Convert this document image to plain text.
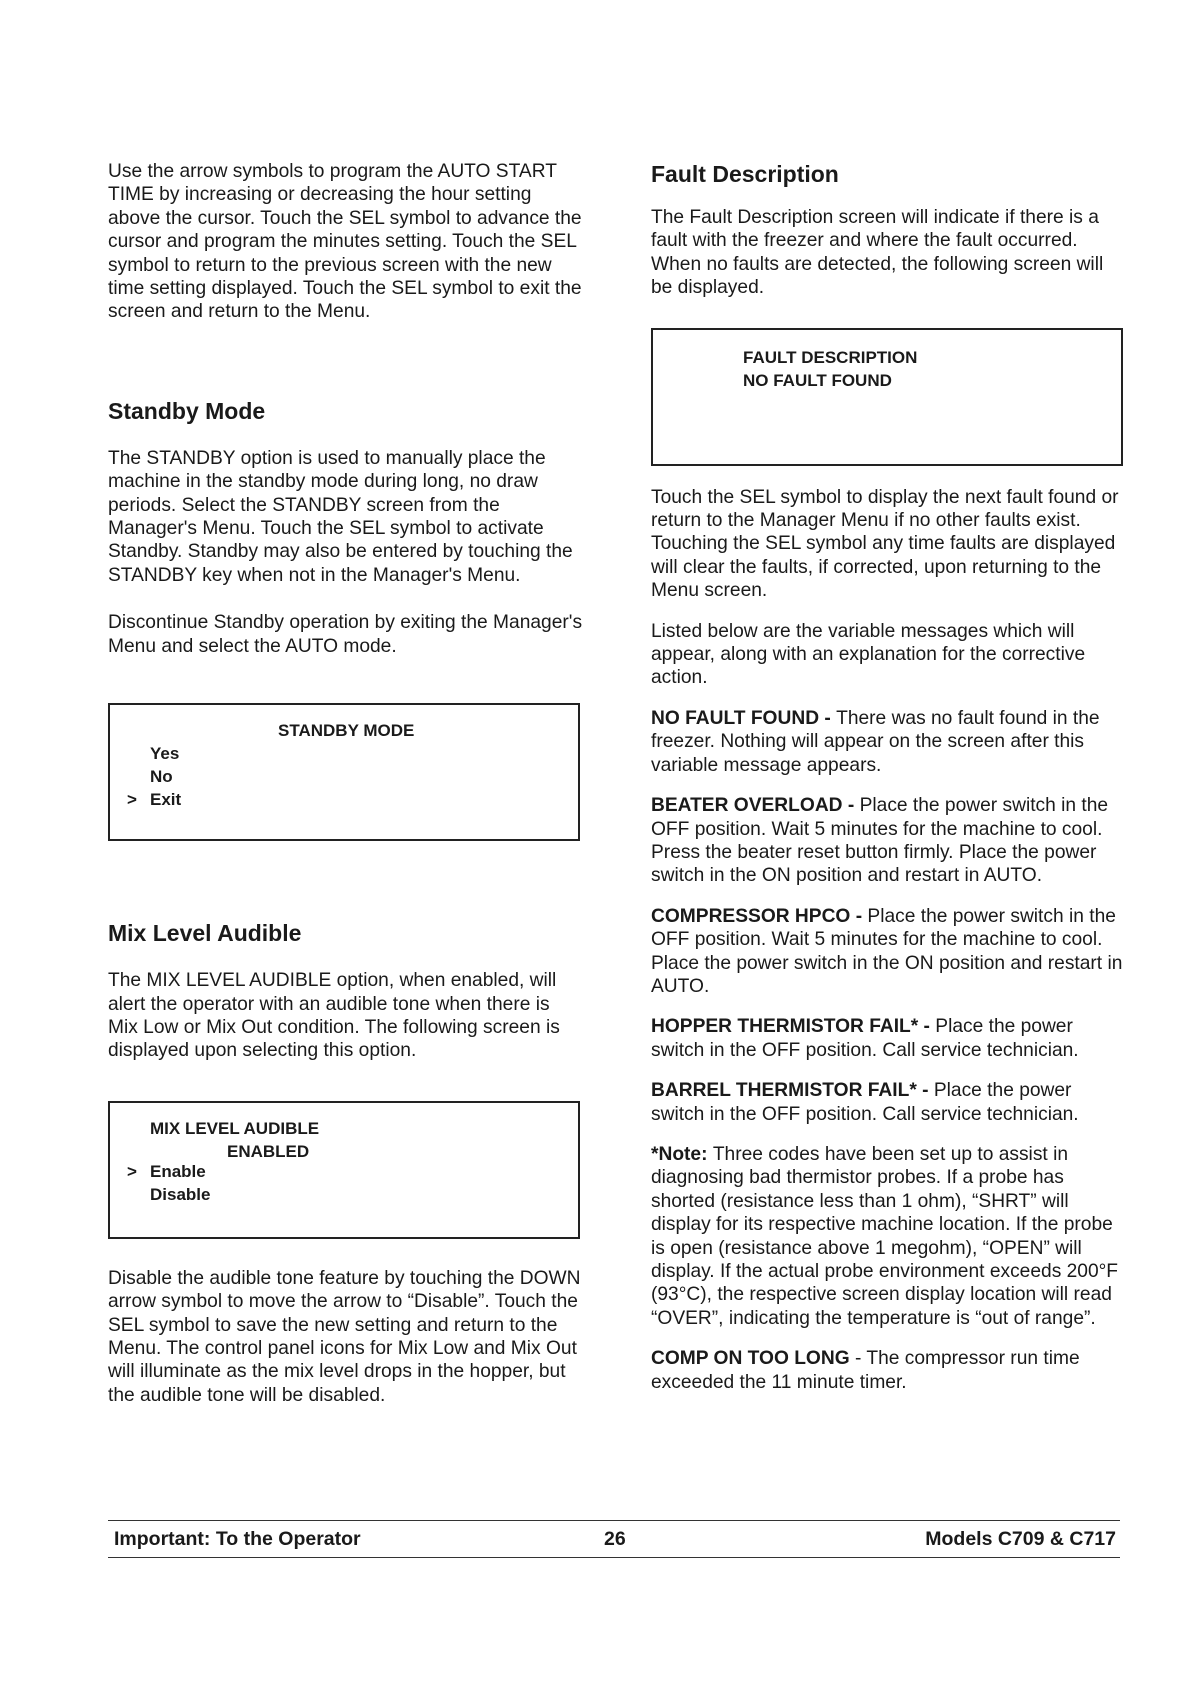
Use the arrow symbols to program the AUTO START TIME by increasing or decreasing the hour setting above the cursor. Touch the SEL symbol to advance the cursor and program the minutes setting. Touch the SEL symbol to return to the previous screen with the new time setting displayed. Touch the SEL symbol to exit the screen and return to the Menu.

Standby Mode

The STANDBY option is used to manually place the machine in the standby mode during long, no draw periods. Select the STANDBY screen from the Manager's Menu. Touch the SEL symbol to activate Standby. Standby may also be entered by touching the STANDBY key when not in the Manager's Menu.

Discontinue Standby operation by exiting the Manager's Menu and select the AUTO mode.

STANDBY MODE
Yes
No

>

Exit

Mix Level Audible

The MIX LEVEL AUDIBLE option, when enabled, will alert the operator with an audible tone when there is Mix Low or Mix Out condition. The following screen is displayed upon selecting this option.

MIX LEVEL AUDIBLE
ENABLED

>

Enable

Disable

Disable the audible tone feature by touching the DOWN arrow symbol to move the arrow to “Disable”. Touch the SEL symbol to save the new setting and return to the Menu. The control panel icons for Mix Low and Mix Out will illuminate as the mix level drops in the hopper, but the audible tone will be disabled.

Fault Description

The Fault Description screen will indicate if there is a fault with the freezer and where the fault occurred. When no faults are detected, the following screen will be displayed.

FAULT DESCRIPTION
NO FAULT FOUND

Touch the SEL symbol to display the next fault found or return to the Manager Menu if no other faults exist. Touching the SEL symbol any time faults are displayed will clear the faults, if corrected, upon returning to the Menu screen.

Listed below are the variable messages which will appear, along with an explanation for the corrective action.

NO FAULT FOUND - There was no fault found in the freezer. Nothing will appear on the screen after this variable message appears.

BEATER OVERLOAD - Place the power switch in the OFF position. Wait 5 minutes for the machine to cool. Press the beater reset button firmly. Place the power switch in the ON position and restart in AUTO.

COMPRESSOR HPCO - Place the power switch in the OFF position. Wait 5 minutes for the machine to cool. Place the power switch in the ON position and restart in AUTO.

HOPPER THERMISTOR FAIL* - Place the power switch in the OFF position. Call service technician.

BARREL THERMISTOR FAIL* - Place the power switch in the OFF position. Call service technician.

*Note: Three codes have been set up to assist in diagnosing bad thermistor probes. If a probe has shorted (resistance less than 1 ohm), “SHRT” will display for its respective machine location. If the probe is open (resistance above 1 megohm), “OPEN” will display. If the actual probe environment exceeds 200°F (93°C), the respective screen display location will read “OVER”, indicating the temperature is “out of range”.

COMP ON TOO LONG - The compressor run time exceeded the 11 minute timer.

Important: To the Operator	26	Models C709 & C717
